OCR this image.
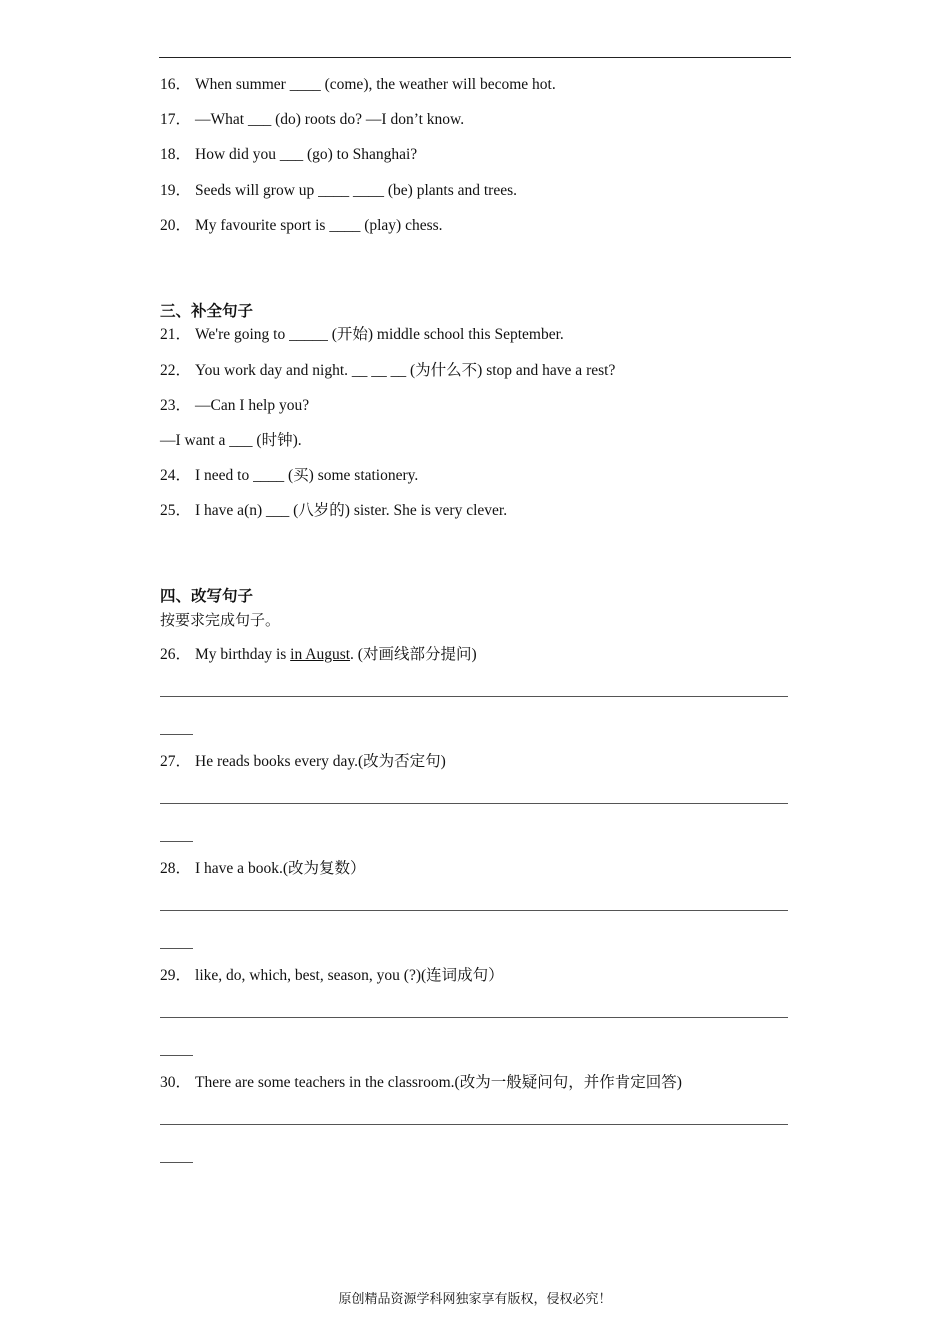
16． When summer ____ (come), the weather will become hot.
17． —What ___ (do) roots do? —I don’t know.
18． How did you ___ (go) to Shanghai?
19． Seeds will grow up ____ ____ (be) plants and trees.
20． My favourite sport is ____ (play) chess.
三、补全句子
21． We're going to _____ (开始) middle school this September.
22． You work day and night. __ __ __ (为什么不) stop and have a rest?
23． —Can I help you?
—I want a ___ (时钟).
24． I need to ____ (买) some stationery.
25． I have a(n) ___ (八岁的) sister. She is very clever.
四、改写句子
按要求完成句子。
26． My birthday is in August. (对画线部分提问)
27． He reads books every day.(改为否定句)
28． I have a book.(改为复数）
29． like, do, which, best, season, you (?)(连词成句）
30． There are some teachers in the classroom.(改为一般疑问句，并作肯定回答)
原创精品资源学科网独家享有版权，侵权必究！
